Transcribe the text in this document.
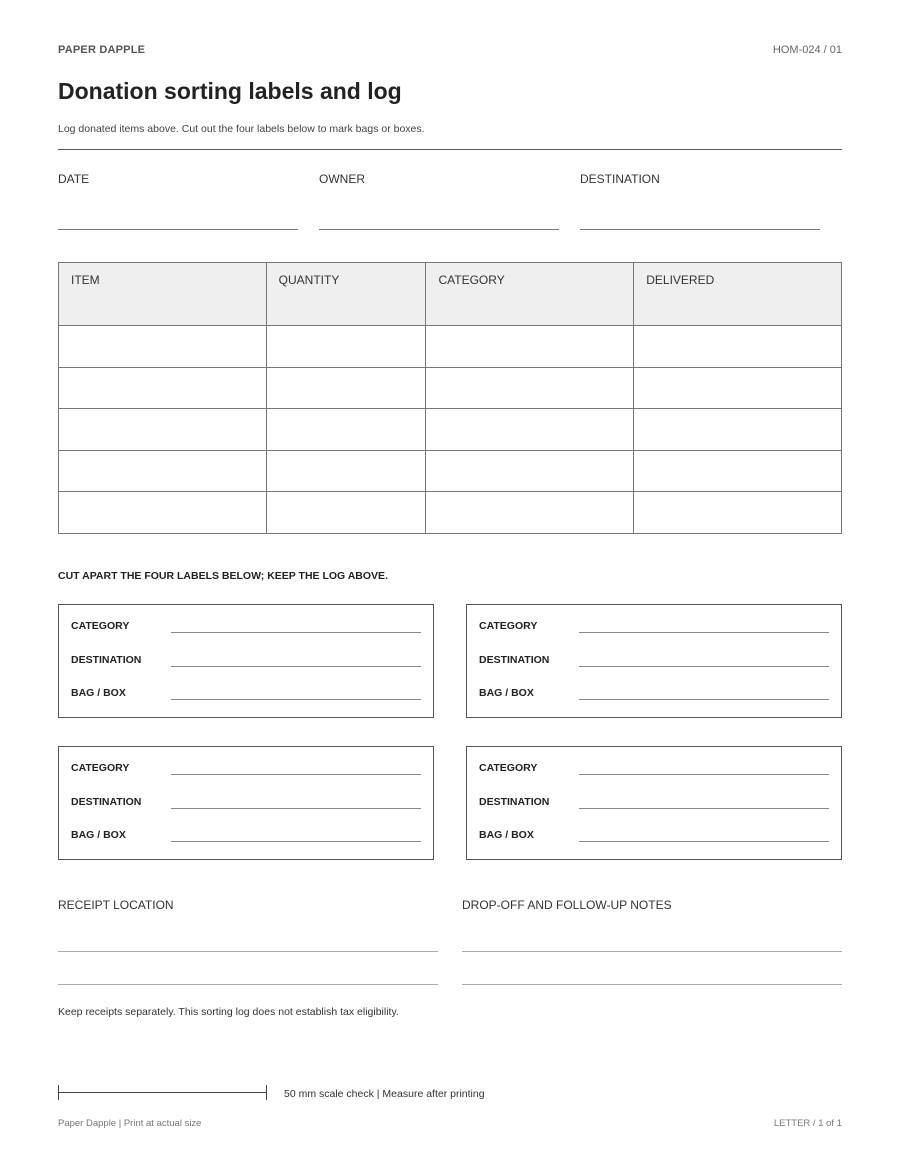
PAPER DAPPLE	HOM-024 / 01
Donation sorting labels and log
Log donated items above. Cut out the four labels below to mark bags or boxes.
DATE	OWNER	DESTINATION
ITEM	QUANTITY	CATEGORY	DELIVERED

CUT APART THE FOUR LABELS BELOW; KEEP THE LOG ABOVE.
CATEGORY
DESTINATION
BAG / BOX
CATEGORY
DESTINATION
BAG / BOX
CATEGORY
DESTINATION
BAG / BOX
CATEGORY
DESTINATION
BAG / BOX
RECEIPT LOCATION	DROP-OFF AND FOLLOW-UP NOTES
Keep receipts separately. This sorting log does not establish tax eligibility.
50 mm scale check | Measure after printing
Paper Dapple | Print at actual size	LETTER / 1 of 1
